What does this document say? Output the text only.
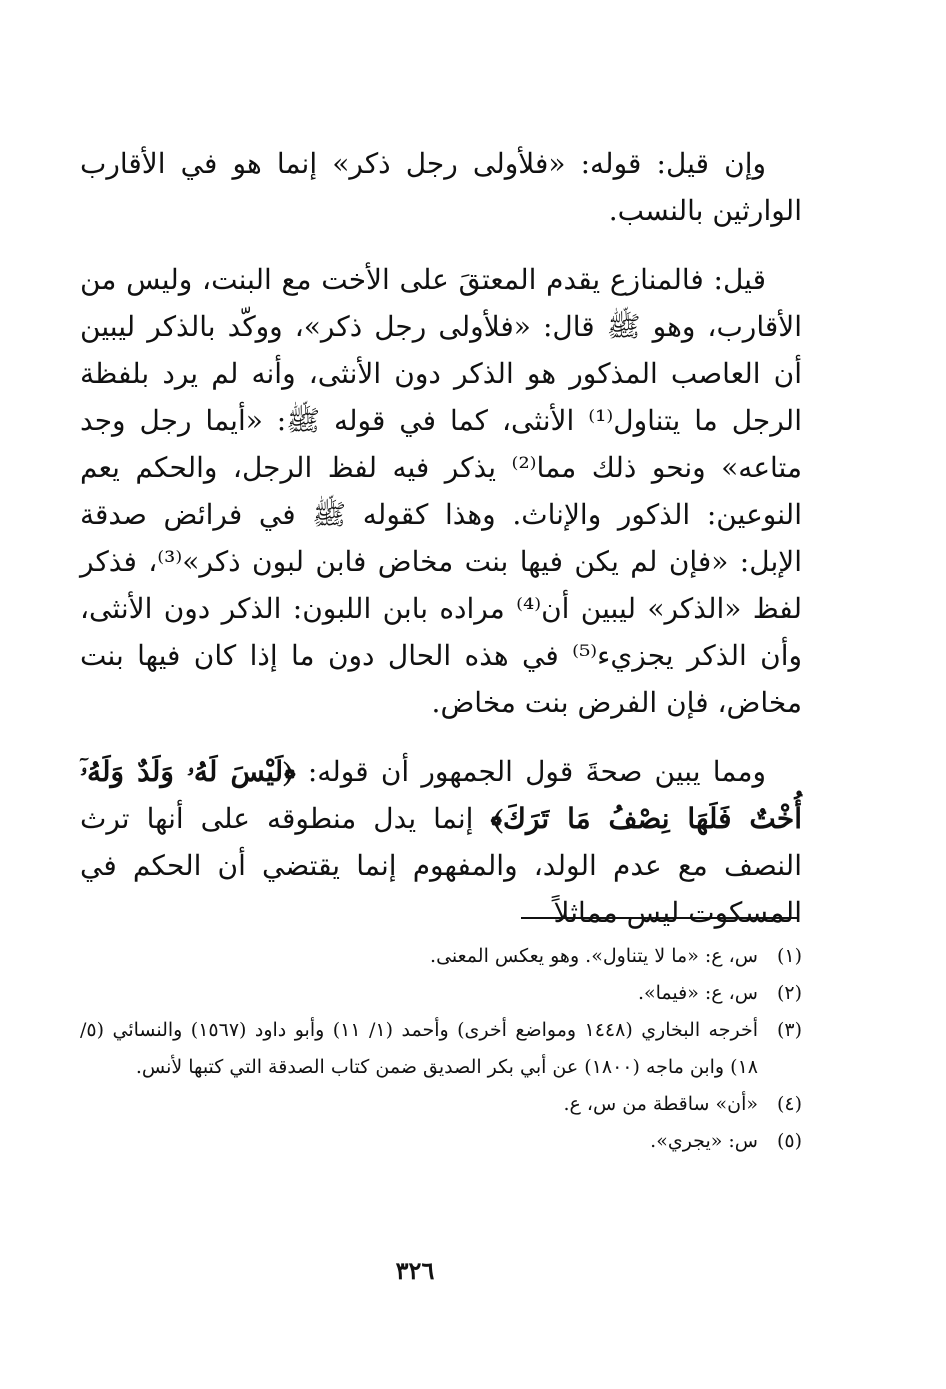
وإن قيل: قوله: «فلأولى رجل ذكر» إنما هو في الأقارب الوارثين بالنسب.

قيل: فالمنازع يقدم المعتقَ على الأخت مع البنت، وليس من الأقارب، وهو ﷺ قال: «فلأولى رجل ذكر»، ووكّد بالذكر ليبين أن العاصب المذكور هو الذكر دون الأنثى، وأنه لم يرد بلفظة الرجل ما يتناول⁽¹⁾ الأنثى، كما في قوله ﷺ: «أيما رجل وجد متاعه» ونحو ذلك مما⁽²⁾ يذكر فيه لفظ الرجل، والحكم يعم النوعين: الذكور والإناث. وهذا كقوله ﷺ في فرائض صدقة الإبل: «فإن لم يكن فيها بنت مخاض فابن لبون ذكر»⁽³⁾، فذكر لفظ «الذكر» ليبين أن⁽⁴⁾ مراده بابن اللبون: الذكر دون الأنثى، وأن الذكر يجزيء⁽⁵⁾ في هذه الحال دون ما إذا كان فيها بنت مخاض، فإن الفرض بنت مخاض.

ومما يبين صحةَ قول الجمهور أن قوله: ﴿لَيْسَ لَهُۥ وَلَدٌ وَلَهُۥٓ أُخْتٌ فَلَهَا نِصْفُ مَا تَرَكَ﴾ إنما يدل منطوقه على أنها ترث النصف مع عدم الولد، والمفهوم إنما يقتضي أن الحكم في المسكوت ليس مماثلاً

(١)
س، ع: «ما لا يتناول». وهو يعكس المعنى.
(٢)
س، ع: «فيما».
(٣)
أخرجه البخاري (١٤٤٨ ومواضع أخرى) وأحمد (١/ ١١) وأبو داود (١٥٦٧) والنسائي (٥/ ١٨) وابن ماجه (١٨٠٠) عن أبي بكر الصديق ضمن كتاب الصدقة التي كتبها لأنس.
(٤)
«أن» ساقطة من س، ع.
(٥)
س: «يجري».
٣٢٦
